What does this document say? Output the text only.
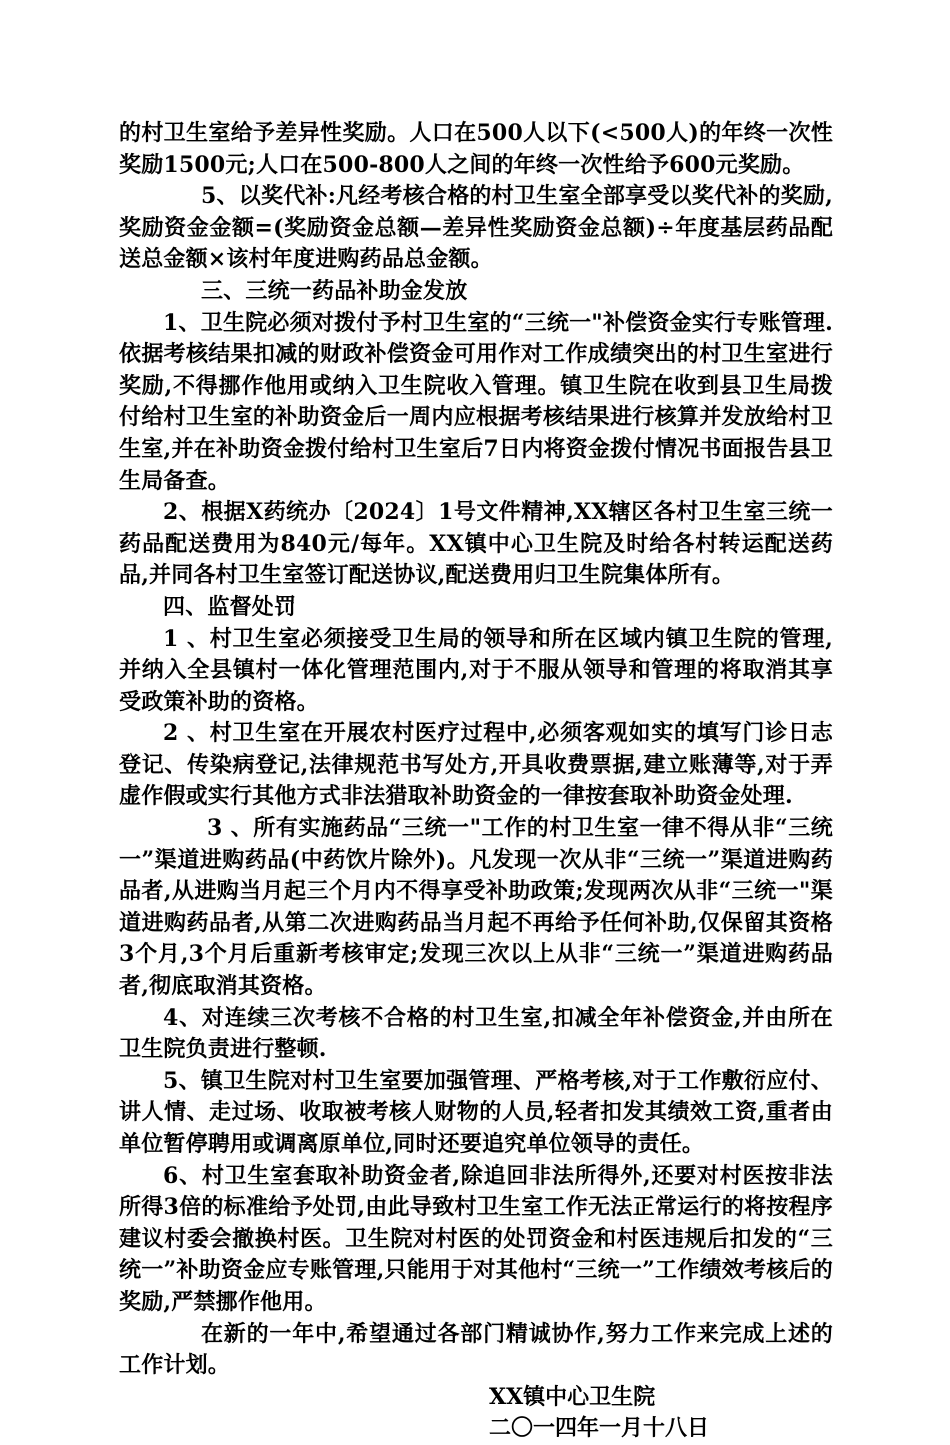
的村卫生室给予差异性奖励。人口在500人以下(<500人)的年终一次性奖励1500元;人口在500-800人之间的年终一次性给予600元奖励。

5、以奖代补:凡经考核合格的村卫生室全部享受以奖代补的奖励,奖励资金金额=(奖励资金总额—差异性奖励资金总额)÷年度基层药品配送总金额×该村年度进购药品总金额。

三、三统一药品补助金发放

1、卫生院必须对拨付予村卫生室的“三统一"补偿资金实行专账管理.依据考核结果扣减的财政补偿资金可用作对工作成绩突出的村卫生室进行奖励,不得挪作他用或纳入卫生院收入管理。镇卫生院在收到县卫生局拨付给村卫生室的补助资金后一周内应根据考核结果进行核算并发放给村卫生室,并在补助资金拨付给村卫生室后7日内将资金拨付情况书面报告县卫生局备查。

2、根据X药统办〔2024〕1号文件精神,XX辖区各村卫生室三统一药品配送费用为840元/每年。XX镇中心卫生院及时给各村转运配送药品,并同各村卫生室签订配送协议,配送费用归卫生院集体所有。

四、监督处罚

1 、村卫生室必须接受卫生局的领导和所在区域内镇卫生院的管理,并纳入全县镇村一体化管理范围内,对于不服从领导和管理的将取消其享受政策补助的资格。

2 、村卫生室在开展农村医疗过程中,必须客观如实的填写门诊日志登记、传染病登记,法律规范书写处方,开具收费票据,建立账薄等,对于弄虚作假或实行其他方式非法猎取补助资金的一律按套取补助资金处理.

3 、所有实施药品“三统一"工作的村卫生室一律不得从非“三统一”渠道进购药品(中药饮片除外)。凡发现一次从非“三统一”渠道进购药品者,从进购当月起三个月内不得享受补助政策;发现两次从非“三统一"渠道进购药品者,从第二次进购药品当月起不再给予任何补助,仅保留其资格3个月,3个月后重新考核审定;发现三次以上从非“三统一”渠道进购药品者,彻底取消其资格。

4、对连续三次考核不合格的村卫生室,扣减全年补偿资金,并由所在卫生院负责进行整顿.

5、镇卫生院对村卫生室要加强管理、严格考核,对于工作敷衍应付、讲人情、走过场、收取被考核人财物的人员,轻者扣发其绩效工资,重者由单位暂停聘用或调离原单位,同时还要追究单位领导的责任。

6、村卫生室套取补助资金者,除追回非法所得外,还要对村医按非法所得3倍的标准给予处罚,由此导致村卫生室工作无法正常运行的将按程序建议村委会撤换村医。卫生院对村医的处罚资金和村医违规后扣发的“三统一”补助资金应专账管理,只能用于对其他村“三统一”工作绩效考核后的奖励,严禁挪作他用。

在新的一年中,希望通过各部门精诚协作,努力工作来完成上述的工作计划。

XX镇中心卫生院
二〇一四年一月十八日
